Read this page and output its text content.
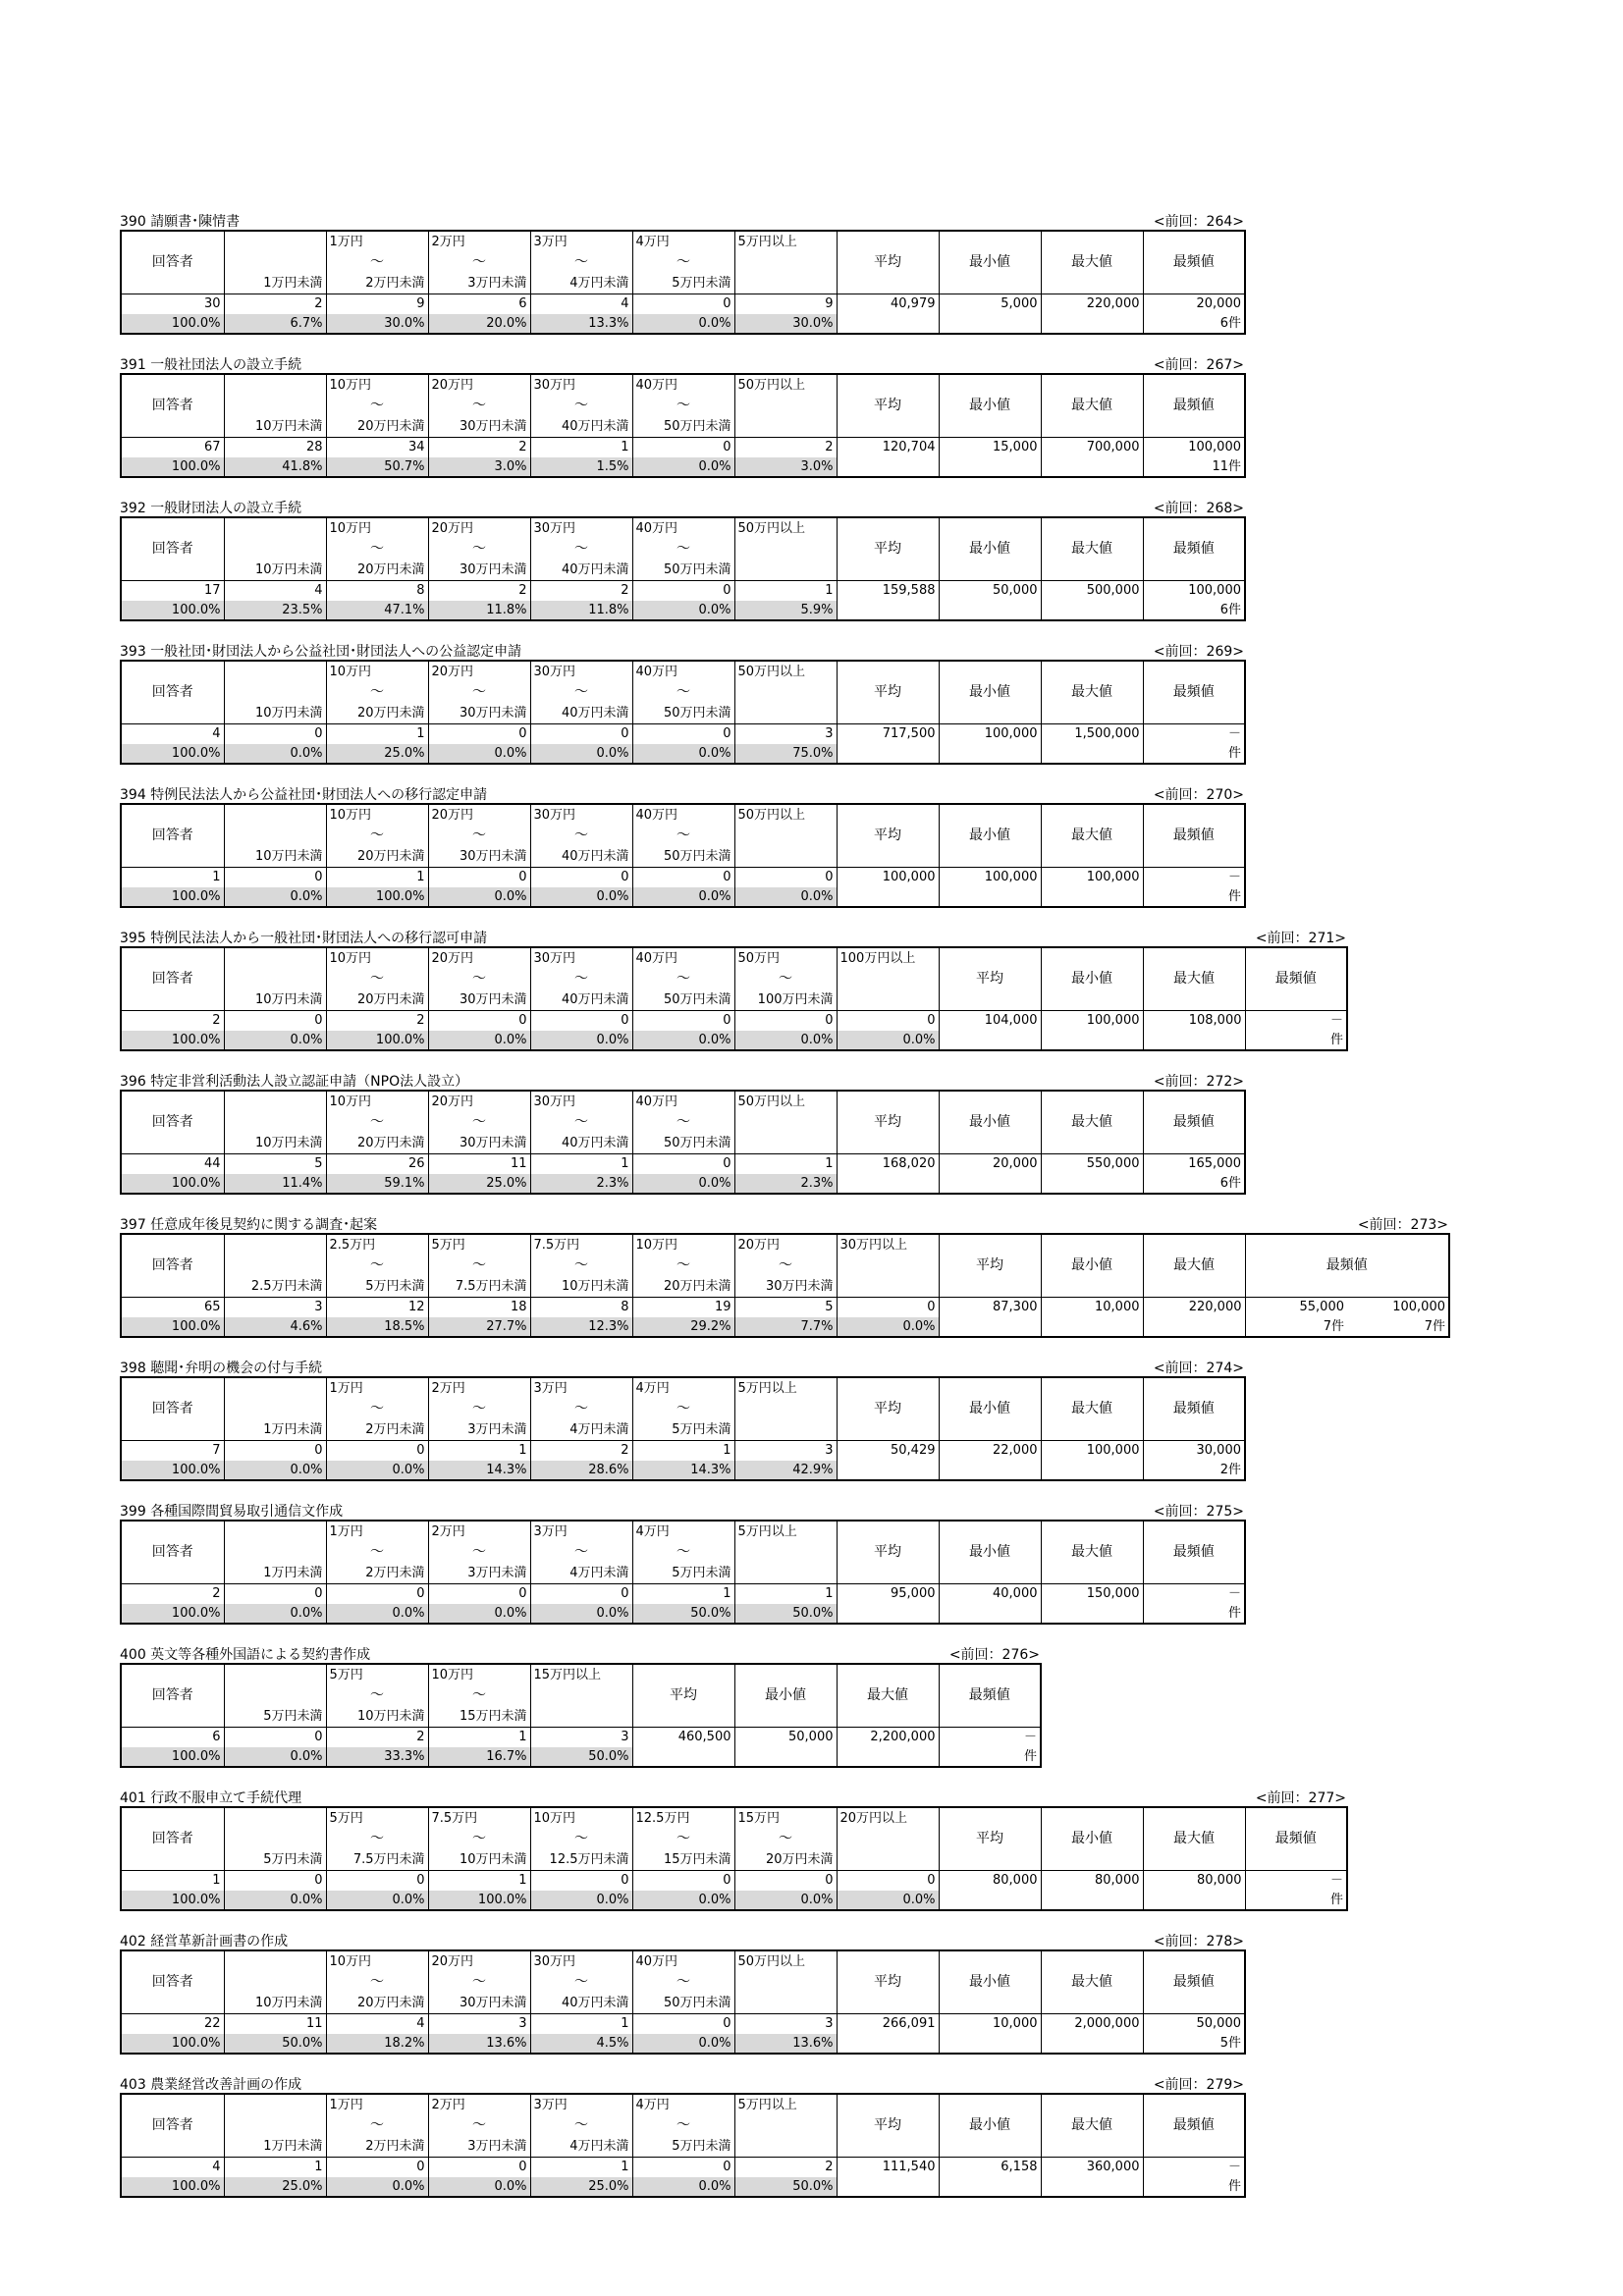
390 請願書･陳情書	<前回：264>
回答者		1万円	2万円	3万円	4万円	5万円以上	平均	最小値	最大値	最頻値
		～	～	～	～					
	1万円未満	2万円未満	3万円未満	4万円未満	5万円未満					
30	2	9	6	4	0	9	40,979	5,000	220,000	20,000
100.0%	6.7%	30.0%	20.0%	13.3%	0.0%	30.0%				6件
391 一般社団法人の設立手続	<前回：267>
回答者		10万円	20万円	30万円	40万円	50万円以上	平均	最小値	最大値	最頻値
		～	～	～	～					
	10万円未満	20万円未満	30万円未満	40万円未満	50万円未満					
67	28	34	2	1	0	2	120,704	15,000	700,000	100,000
100.0%	41.8%	50.7%	3.0%	1.5%	0.0%	3.0%				11件
392 一般財団法人の設立手続	<前回：268>
回答者		10万円	20万円	30万円	40万円	50万円以上	平均	最小値	最大値	最頻値
		～	～	～	～					
	10万円未満	20万円未満	30万円未満	40万円未満	50万円未満					
17	4	8	2	2	0	1	159,588	50,000	500,000	100,000
100.0%	23.5%	47.1%	11.8%	11.8%	0.0%	5.9%				6件
393 一般社団･財団法人から公益社団･財団法人への公益認定申請	<前回：269>
回答者		10万円	20万円	30万円	40万円	50万円以上	平均	最小値	最大値	最頻値
		～	～	～	～					
	10万円未満	20万円未満	30万円未満	40万円未満	50万円未満					
4	0	1	0	0	0	3	717,500	100,000	1,500,000	－
100.0%	0.0%	25.0%	0.0%	0.0%	0.0%	75.0%				件
394 特例民法法人から公益社団･財団法人への移行認定申請	<前回：270>
回答者		10万円	20万円	30万円	40万円	50万円以上	平均	最小値	最大値	最頻値
		～	～	～	～					
	10万円未満	20万円未満	30万円未満	40万円未満	50万円未満					
1	0	1	0	0	0	0	100,000	100,000	100,000	－
100.0%	0.0%	100.0%	0.0%	0.0%	0.0%	0.0%				件
395 特例民法法人から一般社団･財団法人への移行認可申請	<前回：271>
回答者		10万円	20万円	30万円	40万円	50万円	100万円以上	平均	最小値	最大値	最頻値
		～	～	～	～	～					
	10万円未満	20万円未満	30万円未満	40万円未満	50万円未満	100万円未満					
2	0	2	0	0	0	0	0	104,000	100,000	108,000	－
100.0%	0.0%	100.0%	0.0%	0.0%	0.0%	0.0%	0.0%				件
396 特定非営利活動法人設立認証申請（NPO法人設立）	<前回：272>
回答者		10万円	20万円	30万円	40万円	50万円以上	平均	最小値	最大値	最頻値
		～	～	～	～					
	10万円未満	20万円未満	30万円未満	40万円未満	50万円未満					
44	5	26	11	1	0	1	168,020	20,000	550,000	165,000
100.0%	11.4%	59.1%	25.0%	2.3%	0.0%	2.3%				6件
397 任意成年後見契約に関する調査･起案	<前回：273>
回答者		2.5万円	5万円	7.5万円	10万円	20万円	30万円以上	平均	最小値	最大値	最頻値	
		～	～	～	～	～						
	2.5万円未満	5万円未満	7.5万円未満	10万円未満	20万円未満	30万円未満						
65	3	12	18	8	19	5	0	87,300	10,000	220,000	55,000	100,000
100.0%	4.6%	18.5%	27.7%	12.3%	29.2%	7.7%	0.0%				7件	7件
398 聴聞･弁明の機会の付与手続	<前回：274>
回答者		1万円	2万円	3万円	4万円	5万円以上	平均	最小値	最大値	最頻値
		～	～	～	～					
	1万円未満	2万円未満	3万円未満	4万円未満	5万円未満					
7	0	0	1	2	1	3	50,429	22,000	100,000	30,000
100.0%	0.0%	0.0%	14.3%	28.6%	14.3%	42.9%				2件
399 各種国際間貿易取引通信文作成	<前回：275>
回答者		1万円	2万円	3万円	4万円	5万円以上	平均	最小値	最大値	最頻値
		～	～	～	～					
	1万円未満	2万円未満	3万円未満	4万円未満	5万円未満					
2	0	0	0	0	1	1	95,000	40,000	150,000	－
100.0%	0.0%	0.0%	0.0%	0.0%	50.0%	50.0%				件
400 英文等各種外国語による契約書作成	<前回：276>
回答者		5万円	10万円	15万円以上	平均	最小値	最大値	最頻値
		～	～					
	5万円未満	10万円未満	15万円未満					
6	0	2	1	3	460,500	50,000	2,200,000	－
100.0%	0.0%	33.3%	16.7%	50.0%				件
401 行政不服申立て手続代理	<前回：277>
回答者		5万円	7.5万円	10万円	12.5万円	15万円	20万円以上	平均	最小値	最大値	最頻値
		～	～	～	～	～					
	5万円未満	7.5万円未満	10万円未満	12.5万円未満	15万円未満	20万円未満					
1	0	0	1	0	0	0	0	80,000	80,000	80,000	－
100.0%	0.0%	0.0%	100.0%	0.0%	0.0%	0.0%	0.0%				件
402 経営革新計画書の作成	<前回：278>
回答者		10万円	20万円	30万円	40万円	50万円以上	平均	最小値	最大値	最頻値
		～	～	～	～					
	10万円未満	20万円未満	30万円未満	40万円未満	50万円未満					
22	11	4	3	1	0	3	266,091	10,000	2,000,000	50,000
100.0%	50.0%	18.2%	13.6%	4.5%	0.0%	13.6%				5件
403 農業経営改善計画の作成	<前回：279>
回答者		1万円	2万円	3万円	4万円	5万円以上	平均	最小値	最大値	最頻値
		～	～	～	～					
	1万円未満	2万円未満	3万円未満	4万円未満	5万円未満					
4	1	0	0	1	0	2	111,540	6,158	360,000	－
100.0%	25.0%	0.0%	0.0%	25.0%	0.0%	50.0%				件
